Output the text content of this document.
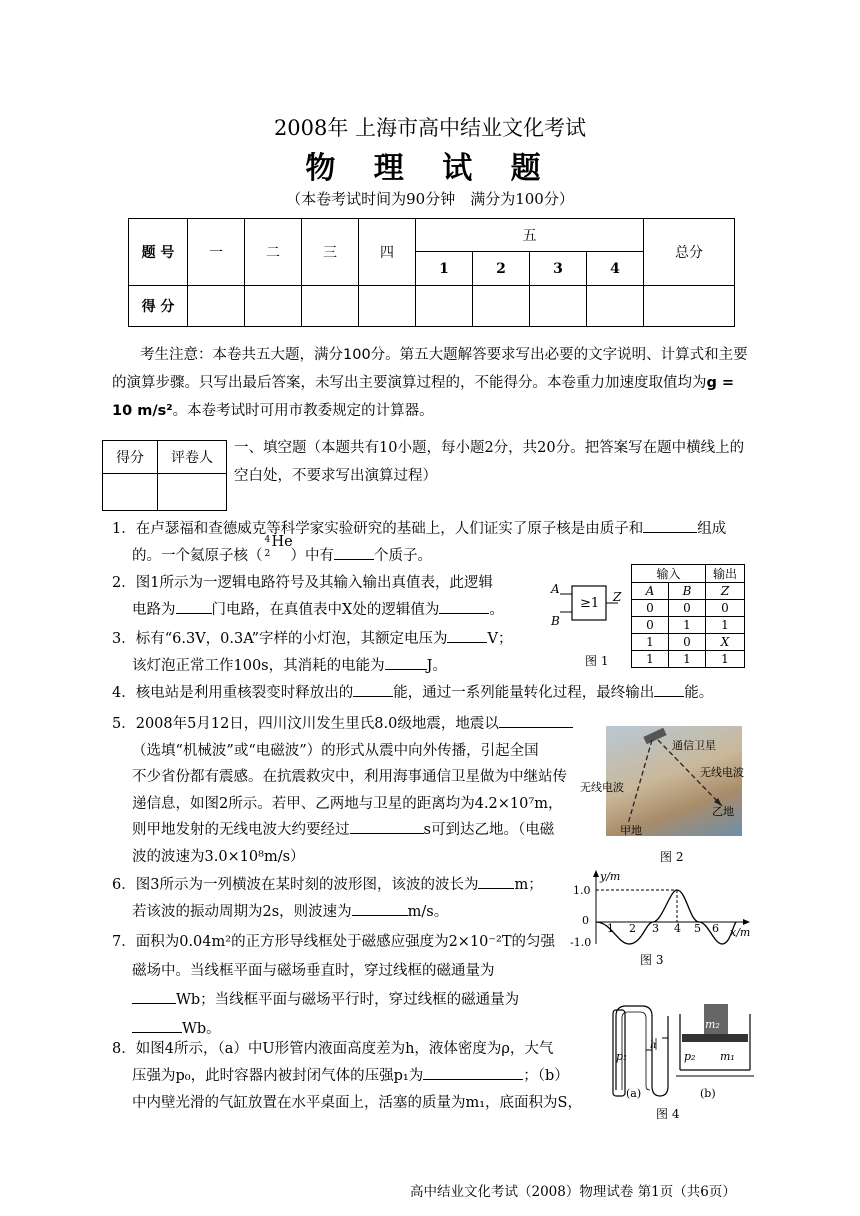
2008年 上海市高中结业文化考试
物 理 试 题
（本卷考试时间为90分钟　满分为100分）
题 号	一	二	三	四	五				总分
					1	2	3	4	
得 分									
考生注意：本卷共五大题，满分100分。第五大题解答要求写出必要的文字说明、计算式和主要的演算步骤。只写出最后答案，未写出主要演算过程的，不能得分。本卷重力加速度取值均为g = 10 m/s²。本卷考试时可用市教委规定的计算器。
得分	评卷人

一、填空题（本题共有10小题，每小题2分，共20分。把答案写在题中横线上的空白处，不要求写出演算过程）
1．在卢瑟福和查德威克等科学家实验研究的基础上，人们证实了原子核是由质子和	组成
的。一个氦原子核（
4
2
He
）中有	个质子。
2．图1所示为一逻辑电路符号及其输入输出真值表，此逻辑
电路为 门电路，在真值表中X处的逻辑值为	。
3．标有“6.3V，0.3A”字样的小灯泡，其额定电压为	V；
该灯泡正常工作100s，其消耗的电能为	J。
A
B
Z
≥1
图 1
输入		输出
A	B	Z
0	0	0
0	1	1
1	0	X
1	1	1
4．核电站是利用重核裂变时释放出的	能，通过一系列能量转化过程，最终输出 能。
5．2008年5月12日，四川汶川发生里氏8.0级地震，地震以
（选填“机械波”或“电磁波”）的形式从震中向外传播，引起全国
不少省份都有震感。在抗震救灾中，利用海事通信卫星做为中继站传
递信息，如图2所示。若甲、乙两地与卫星的距离均为4.2×10⁷m，
则甲地发射的无线电波大约要经过	s可到达乙地。（电磁
波的波速为3.0×10⁸m/s）
通信卫星
无线电波
无线电波
甲地
乙地
图 2
6．图3所示为一列横波在某时刻的波形图，该波的波长为 m；
若该波的振动周期为2s，则波速为	m/s。
y/m
1.0
0
-1.0
1 2 3 4 5 6 x/m
图 3
7．面积为0.04m²的正方形导线框处于磁感应强度为2×10⁻²T的匀强
磁场中。当线框平面与磁场垂直时，穿过线框的磁通量为
Wb；当线框平面与磁场平行时，穿过线框的磁通量为
Wb。
8．如图4所示，（a）中U形管内液面高度差为h，液体密度为ρ，大气
压强为p₀，此时容器内被封闭气体的压强p₁为	；（b）
中内壁光滑的气缸放置在水平桌面上，活塞的质量为m₁，底面积为S，
p₁
h
p₂ m₁
m₂
(a)	(b)
图 4
高中结业文化考试（2008）物理试卷 第1页（共6页）
